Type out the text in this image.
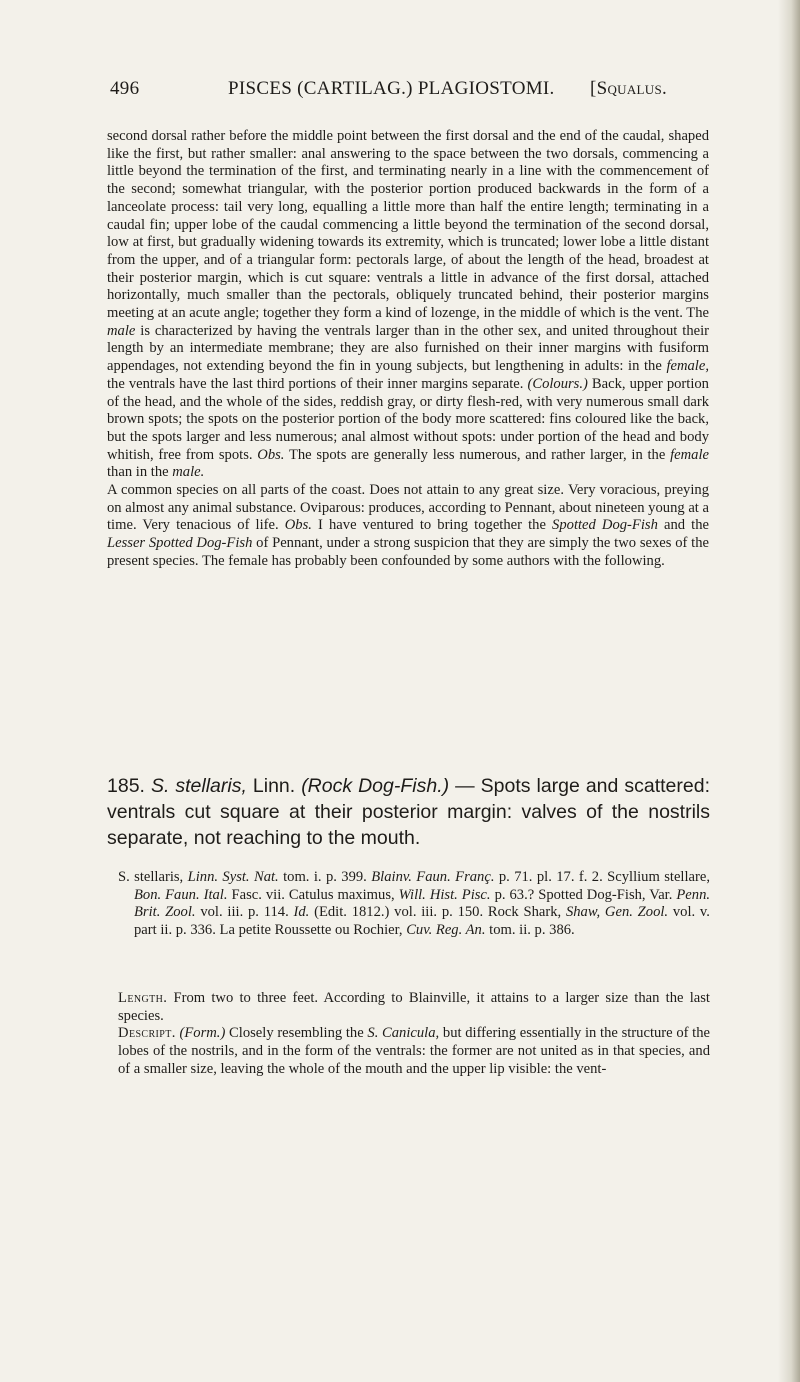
496	PISCES (CARTILAG.) PLAGIOSTOMI. [Squalus.

second dorsal rather before the middle point between the first dorsal and the end of the caudal, shaped like the first, but rather smaller: anal answering to the space between the two dorsals, commencing a little beyond the termination of the first, and terminating nearly in a line with the commencement of the second; somewhat triangular, with the posterior portion produced backwards in the form of a lanceolate process: tail very long, equalling a little more than half the entire length; terminating in a caudal fin; upper lobe of the caudal commencing a little beyond the termination of the second dorsal, low at first, but gradually widening towards its extremity, which is truncated; lower lobe a little distant from the upper, and of a triangular form: pectorals large, of about the length of the head, broadest at their posterior margin, which is cut square: ventrals a little in advance of the first dorsal, attached horizontally, much smaller than the pectorals, obliquely truncated behind, their posterior margins meeting at an acute angle; together they form a kind of lozenge, in the middle of which is the vent. The male is characterized by having the ventrals larger than in the other sex, and united throughout their length by an intermediate membrane; they are also furnished on their inner margins with fusiform appendages, not extending beyond the fin in young subjects, but lengthening in adults: in the female, the ventrals have the last third portions of their inner margins separate. (Colours.) Back, upper portion of the head, and the whole of the sides, reddish gray, or dirty flesh-red, with very numerous small dark brown spots; the spots on the posterior portion of the body more scattered: fins coloured like the back, but the spots larger and less numerous; anal almost without spots: under portion of the head and body whitish, free from spots. Obs. The spots are generally less numerous, and rather larger, in the female than in the male.

A common species on all parts of the coast. Does not attain to any great size. Very voracious, preying on almost any animal substance. Oviparous: produces, according to Pennant, about nineteen young at a time. Very tenacious of life. Obs. I have ventured to bring together the Spotted Dog-Fish and the Lesser Spotted Dog-Fish of Pennant, under a strong suspicion that they are simply the two sexes of the present species. The female has probably been confounded by some authors with the following.

185. S. stellaris, Linn. (Rock Dog-Fish.) — Spots large and scattered: ventrals cut square at their posterior margin: valves of the nostrils separate, not reaching to the mouth.
S. stellaris, Linn. Syst. Nat. tom. i. p. 399. Blainv. Faun. Franç. p. 71. pl. 17. f. 2. Scyllium stellare, Bon. Faun. Ital. Fasc. vii. Catulus maximus, Will. Hist. Pisc. p. 63.? Spotted Dog-Fish, Var. Penn. Brit. Zool. vol. iii. p. 114. Id. (Edit. 1812.) vol. iii. p. 150. Rock Shark, Shaw, Gen. Zool. vol. v. part ii. p. 336. La petite Roussette ou Rochier, Cuv. Reg. An. tom. ii. p. 386.

Length. From two to three feet. According to Blainville, it attains to a larger size than the last species.

Descript. (Form.) Closely resembling the S. Canicula, but differing essentially in the structure of the lobes of the nostrils, and in the form of the ventrals: the former are not united as in that species, and of a smaller size, leaving the whole of the mouth and the upper lip visible: the vent-
